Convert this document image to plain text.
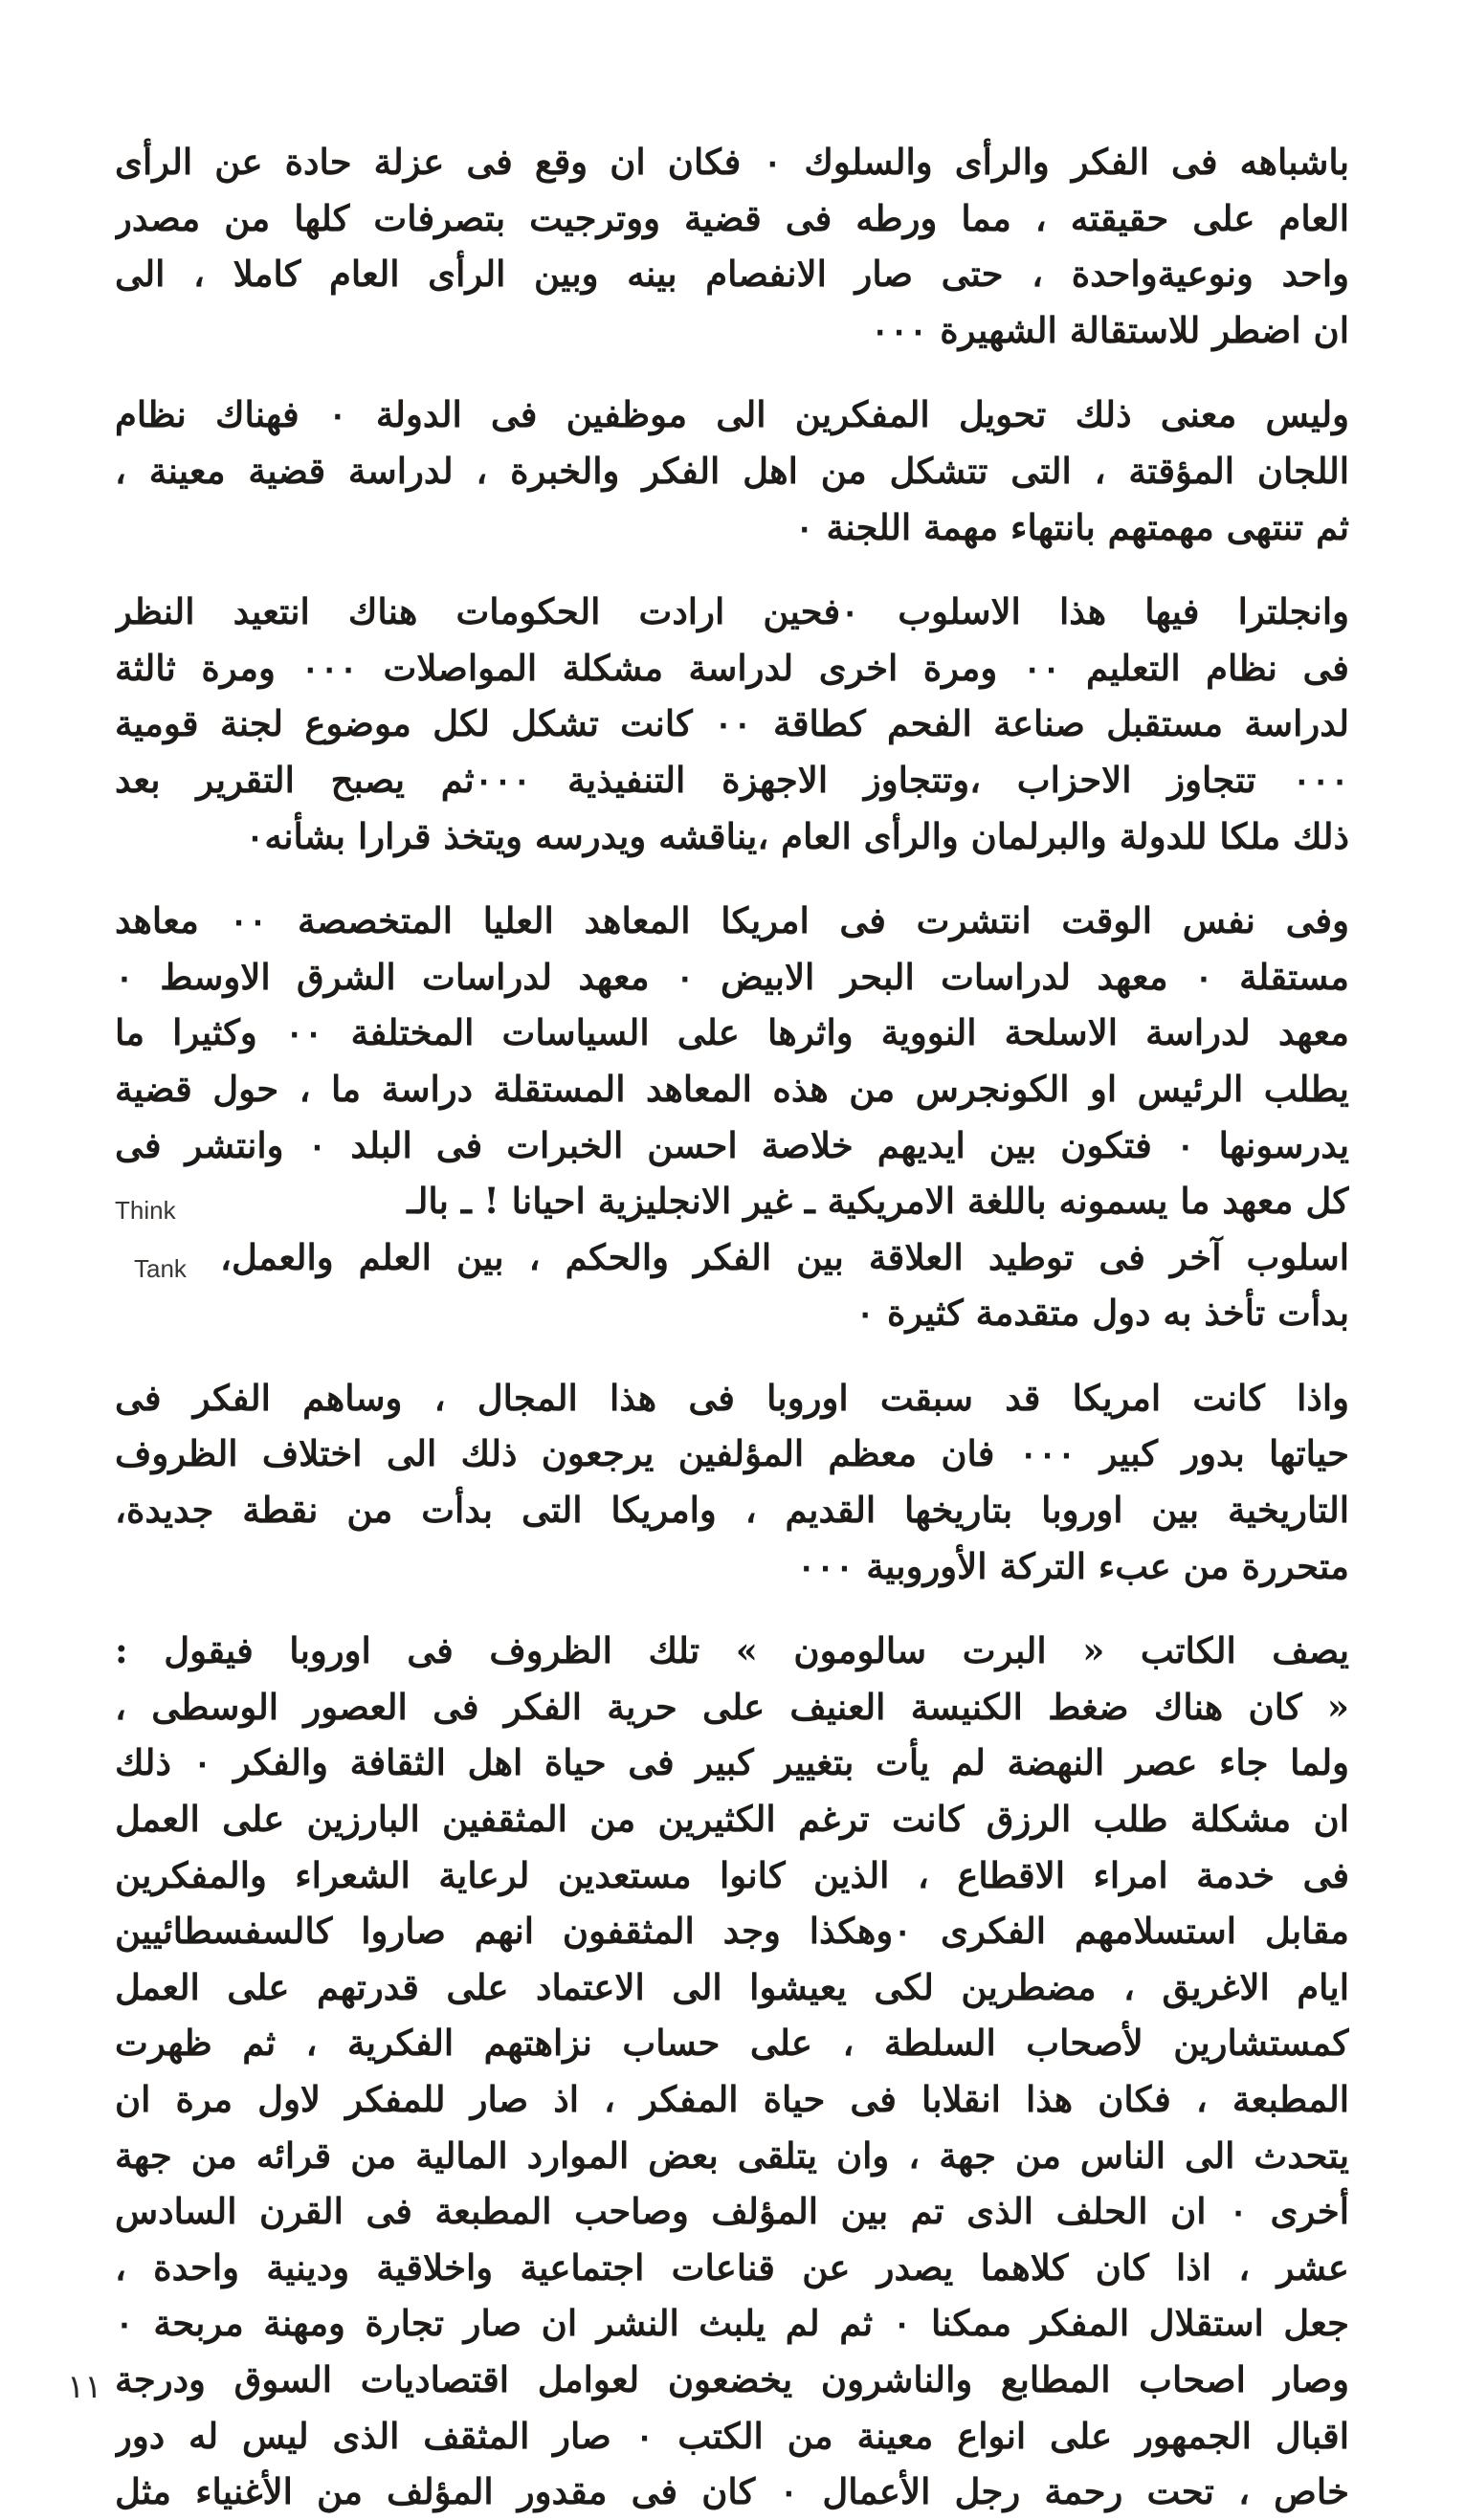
باشباهه فى الفكر والرأى والسلوك ٠ فكان ان وقع فى عزلة حادة عن الرأى
العام على حقيقته ، مما ورطه فى قضية ووترجيت بتصرفات كلها من مصدر
واحد ونوعيةواحدة ، حتى صار الانفصام بينه وبين الرأى العام كاملا ، الى
ان اضطر للاستقالة الشهيرة ٠٠٠
وليس معنى ذلك تحويل المفكرين الى موظفين فى الدولة ٠ فهناك نظام
اللجان المؤقتة ، التى تتشكل من اهل الفكر والخبرة ، لدراسة قضية معينة ،
ثم تنتهى مهمتهم بانتهاء مهمة اللجنة ٠
وانجلترا فيها هذا الاسلوب ٠فحين ارادت الحكومات هناك انتعيد النظر
فى نظام التعليم ٠٠ ومرة اخرى لدراسة مشكلة المواصلات ٠٠٠ ومرة ثالثة
لدراسة مستقبل صناعة الفحم كطاقة ٠٠ كانت تشكل لكل موضوع لجنة قومية
٠٠٠ تتجاوز الاحزاب ،وتتجاوز الاجهزة التنفيذية ٠٠٠ثم يصبح التقرير بعد
ذلك ملكا للدولة والبرلمان والرأى العام ،يناقشه ويدرسه ويتخذ قرارا بشأنه٠
وفى نفس الوقت انتشرت فى امريكا المعاهد العليا المتخصصة ٠٠ معاهد
مستقلة ٠ معهد لدراسات البحر الابيض ٠ معهد لدراسات الشرق الاوسط ٠
معهد لدراسة الاسلحة النووية واثرها على السياسات المختلفة ٠٠ وكثيرا ما
يطلب الرئيس او الكونجرس من هذه المعاهد المستقلة دراسة ما ، حول قضية
يدرسونها ٠ فتكون بين ايديهم خلاصة احسن الخبرات فى البلد ٠ وانتشر فى
كل معهد ما يسمونه باللغة الامريكية ـ غير الانجليزية احيانا ! ـ بالـ
Think
اسلوب آخر فى توطيد العلاقة بين الفكر والحكم ، بين العلم والعمل،
Tank
بدأت تأخذ به دول متقدمة كثيرة ٠
واذا كانت امريكا قد سبقت اوروبا فى هذا المجال ، وساهم الفكر فى
حياتها بدور كبير ٠٠٠ فان معظم المؤلفين يرجعون ذلك الى اختلاف الظروف
التاريخية بين اوروبا بتاريخها القديم ، وامريكا التى بدأت من نقطة جديدة،
متحررة من عبء التركة الأوروبية ٠٠٠
يصف الكاتب « البرت سالومون » تلك الظروف فى اوروبا فيقول :
« كان هناك ضغط الكنيسة العنيف على حرية الفكر فى العصور الوسطى ،
ولما جاء عصر النهضة لم يأت بتغيير كبير فى حياة اهل الثقافة والفكر ٠ ذلك
ان مشكلة طلب الرزق كانت ترغم الكثيرين من المثقفين البارزين على العمل
فى خدمة امراء الاقطاع ، الذين كانوا مستعدين لرعاية الشعراء والمفكرين
مقابل استسلامهم الفكرى ٠وهكذا وجد المثقفون انهم صاروا كالسفسطائيين
ايام الاغريق ، مضطرين لكى يعيشوا الى الاعتماد على قدرتهم على العمل
كمستشارين لأصحاب السلطة ، على حساب نزاهتهم الفكرية ، ثم ظهرت
المطبعة ، فكان هذا انقلابا فى حياة المفكر ، اذ صار للمفكر لاول مرة ان
يتحدث الى الناس من جهة ، وان يتلقى بعض الموارد المالية من قرائه من جهة
أخرى ٠ ان الحلف الذى تم بين المؤلف وصاحب المطبعة فى القرن السادس
عشر ، اذا كان كلاهما يصدر عن قناعات اجتماعية واخلاقية ودينية واحدة ،
جعل استقلال المفكر ممكنا ٠ ثم لم يلبث النشر ان صار تجارة ومهنة مربحة ٠
وصار اصحاب المطابع والناشرون يخضعون لعوامل اقتصاديات السوق ودرجة
اقبال الجمهور على انواع معينة من الكتب ٠ صار المثقف الذى ليس له دور
خاص ، تحت رحمة رجل الأعمال ٠ كان فى مقدور المؤلف من الأغنياء مثل
١١
